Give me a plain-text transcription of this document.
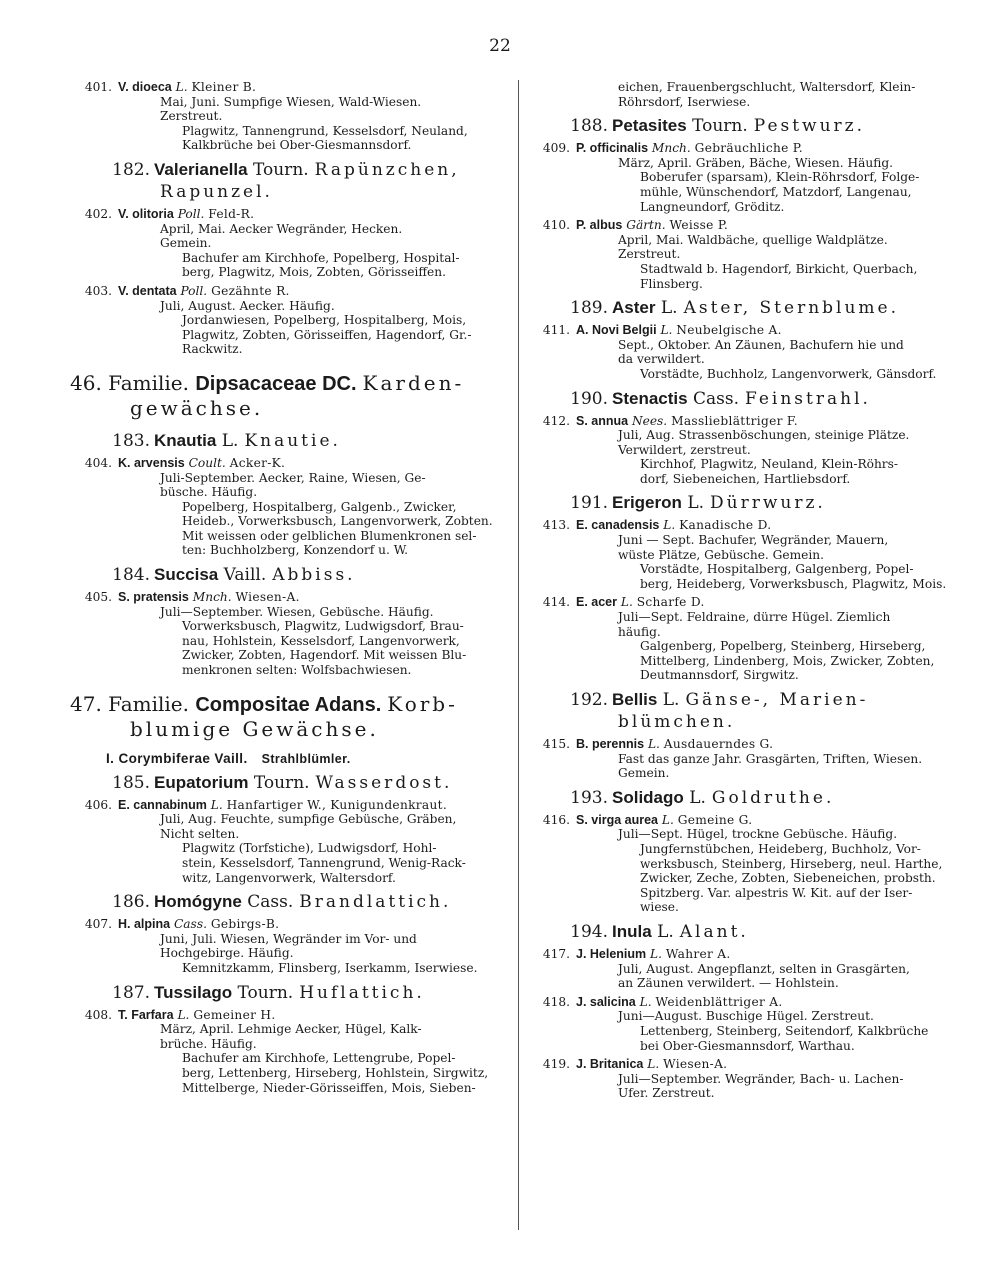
22
401. V. dioeca L. Kleiner B.
Mai, Juni. Sumpfige Wiesen, Wald-Wiesen.
Zerstreut.
Plagwitz, Tannengrund, Kesselsdorf, Neuland,
Kalkbrüche bei Ober-Giesmannsdorf.
182. Valerianella Tourn. Rapünzchen,
Rapunzel.
402. V. olitoria Poll. Feld-R.
April, Mai. Aecker Wegränder, Hecken.
Gemein.
Bachufer am Kirchhofe, Popelberg, Hospital-
berg, Plagwitz, Mois, Zobten, Görisseiffen.
403. V. dentata Poll. Gezähnte R.
Juli, August. Aecker. Häufig.
Jordanwiesen, Popelberg, Hospitalberg, Mois,
Plagwitz, Zobten, Görisseiffen, Hagendorf, Gr.-
Rackwitz.
46. Familie. Dipsacaceae DC. Karden-
gewächse.
183. Knautia L. Knautie.
404. K. arvensis Coult. Acker-K.
Juli-September. Aecker, Raine, Wiesen, Ge-
büsche. Häufig.
Popelberg, Hospitalberg, Galgenb., Zwicker,
Heideb., Vorwerksbusch, Langenvorwerk, Zobten.
Mit weissen oder gelblichen Blumenkronen sel-
ten: Buchholzberg, Konzendorf u. W.
184. Succisa Vaill. Abbiss.
405. S. pratensis Mnch. Wiesen-A.
Juli—September. Wiesen, Gebüsche. Häufig.
Vorwerksbusch, Plagwitz, Ludwigsdorf, Brau-
nau, Hohlstein, Kesselsdorf, Langenvorwerk,
Zwicker, Zobten, Hagendorf. Mit weissen Blu-
menkronen selten: Wolfsbachwiesen.
47. Familie. Compositae Adans. Korb-
blumige Gewächse.
I. Corymbiferae Vaill. Strahlblümler.
185. Eupatorium Tourn. Wasserdost.
406. E. cannabinum L. Hanfartiger W., Kunigundenkraut.
Juli, Aug. Feuchte, sumpfige Gebüsche, Gräben,
Nicht selten.
Plagwitz (Torfstiche), Ludwigsdorf, Hohl-
stein, Kesselsdorf, Tannengrund, Wenig-Rack-
witz, Langenvorwerk, Waltersdorf.
186. Homógyne Cass. Brandlattich.
407. H. alpina Cass. Gebirgs-B.
Juni, Juli. Wiesen, Wegränder im Vor- und
Hochgebirge. Häufig.
Kemnitzkamm, Flinsberg, Iserkamm, Iserwiese.
187. Tussilago Tourn. Huflattich.
408. T. Farfara L. Gemeiner H.
März, April. Lehmige Aecker, Hügel, Kalk-
brüche. Häufig.
Bachufer am Kirchhofe, Lettengrube, Popel-
berg, Lettenberg, Hirseberg, Hohlstein, Sirgwitz,
Mittelberge, Nieder-Görisseiffen, Mois, Sieben-
eichen, Frauenbergschlucht, Waltersdorf, Klein-
Röhrsdorf, Iserwiese.
188. Petasites Tourn. Pestwurz.
409. P. officinalis Mnch. Gebräuchliche P.
März, April. Gräben, Bäche, Wiesen. Häufig.
Boberufer (sparsam), Klein-Röhrsdorf, Folge-
mühle, Wünschendorf, Matzdorf, Langenau,
Langneundorf, Gröditz.
410. P. albus Gärtn. Weisse P.
April, Mai. Waldbäche, quellige Waldplätze.
Zerstreut.
Stadtwald b. Hagendorf, Birkicht, Querbach,
Flinsberg.
189. Aster L. Aster, Sternblume.
411. A. Novi Belgii L. Neubelgische A.
Sept., Oktober. An Zäunen, Bachufern hie und
da verwildert.
Vorstädte, Buchholz, Langenvorwerk, Gänsdorf.
190. Stenactis Cass. Feinstrahl.
412. S. annua Nees. Masslieblättriger F.
Juli, Aug. Strassenböschungen, steinige Plätze.
Verwildert, zerstreut.
Kirchhof, Plagwitz, Neuland, Klein-Röhrs-
dorf, Siebeneichen, Hartliebsdorf.
191. Erigeron L. Dürrwurz.
413. E. canadensis L. Kanadische D.
Juni — Sept. Bachufer, Wegränder, Mauern,
wüste Plätze, Gebüsche. Gemein.
Vorstädte, Hospitalberg, Galgenberg, Popel-
berg, Heideberg, Vorwerksbusch, Plagwitz, Mois.
414. E. acer L. Scharfe D.
Juli—Sept. Feldraine, dürre Hügel. Ziemlich
häufig.
Galgenberg, Popelberg, Steinberg, Hirseberg,
Mittelberg, Lindenberg, Mois, Zwicker, Zobten,
Deutmannsdorf, Sirgwitz.
192. Bellis L. Gänse-, Marien-
blümchen.
415. B. perennis L. Ausdauerndes G.
Fast das ganze Jahr. Grasgärten, Triften, Wiesen.
Gemein.
193. Solidago L. Goldruthe.
416. S. virga aurea L. Gemeine G.
Juli—Sept. Hügel, trockne Gebüsche. Häufig.
Jungfernstübchen, Heideberg, Buchholz, Vor-
werksbusch, Steinberg, Hirseberg, neul. Harthe,
Zwicker, Zeche, Zobten, Siebeneichen, probsth.
Spitzberg. Var. alpestris W. Kit. auf der Iser-
wiese.
194. Inula L. Alant.
417. J. Helenium L. Wahrer A.
Juli, August. Angepflanzt, selten in Grasgärten,
an Zäunen verwildert. — Hohlstein.
418. J. salicina L. Weidenblättriger A.
Juni—August. Buschige Hügel. Zerstreut.
Lettenberg, Steinberg, Seitendorf, Kalkbrüche
bei Ober-Giesmannsdorf, Warthau.
419. J. Britanica L. Wiesen-A.
Juli—September. Wegränder, Bach- u. Lachen-
Ufer. Zerstreut.
